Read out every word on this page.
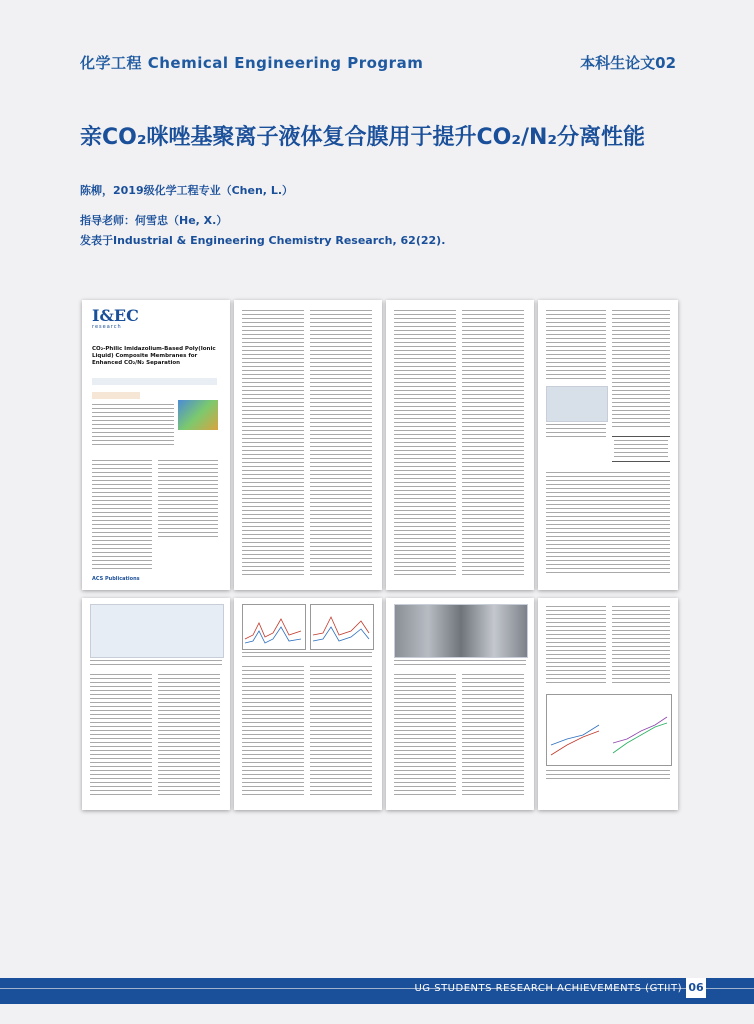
化学工程 Chemical Engineering Program	本科生论文02
亲CO₂咪唑基聚离子液体复合膜用于提升CO₂/N₂分离性能
陈柳，2019级化学工程专业（Chen, L.）
指导老师：何雪忠（He, X.）
发表于Industrial & Engineering Chemistry Research, 62(22).
I&EC
research
CO₂-Philic Imidazolium-Based Poly(Ionic Liquid) Composite Membranes for Enhanced CO₂/N₂ Separation
ACS Publications
UG STUDENTS RESEARCH ACHIEVEMENTS (GTIIT) 06
